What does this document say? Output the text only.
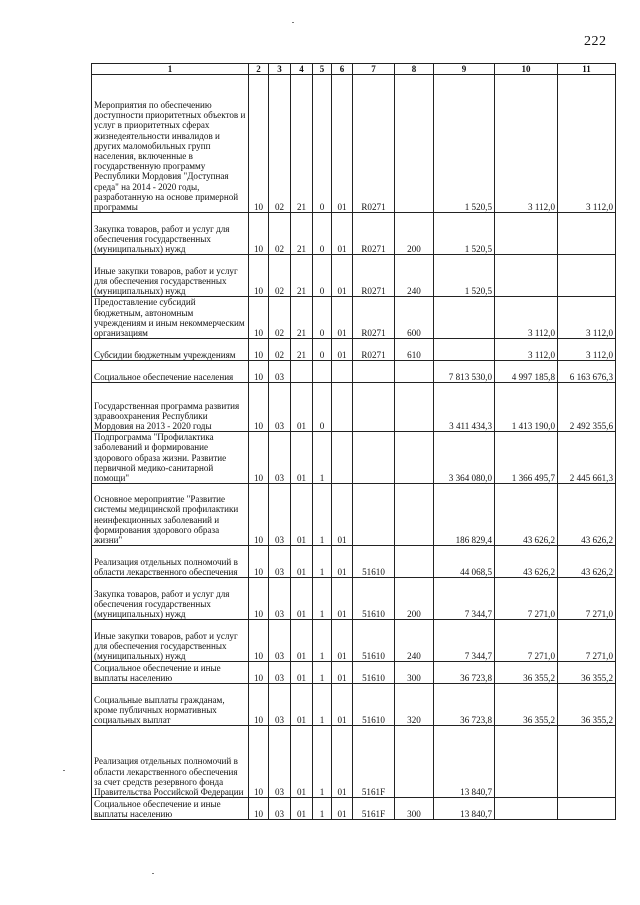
222
1	2	3	4	5	6	7	8	9	10	11
Мероприятия по обеспечению доступности приоритетных объектов и услуг в приоритетных сферах жизнедеятельности инвалидов и других маломобильных групп населения, включенные в государственную программу Республики Мордовия "Доступная среда" на 2014 - 2020 годы, разработанную на основе примерной программы	10	02	21	0	01	R0271		1 520,5	3 112,0	3 112,0
Закупка товаров, работ и услуг для обеспечения государственных (муниципальных) нужд	10	02	21	0	01	R0271	200	1 520,5		
Иные закупки товаров, работ и услуг для обеспечения государственных (муниципальных) нужд	10	02	21	0	01	R0271	240	1 520,5		
Предоставление субсидий бюджетным, автономным учреждениям и иным некоммерческим организациям	10	02	21	0	01	R0271	600		3 112,0	3 112,0
Субсидии бюджетным учреждениям	10	02	21	0	01	R0271	610		3 112,0	3 112,0
Социальное обеспечение населения	10	03						7 813 530,0	4 997 185,8	6 163 676,3
Государственная программа развития здравоохранения Республики Мордовия на 2013 - 2020 годы	10	03	01	0				3 411 434,3	1 413 190,0	2 492 355,6
Подпрограмма "Профилактика заболеваний и формирование здорового образа жизни. Развитие первичной медико-санитарной помощи"	10	03	01	1				3 364 080,0	1 366 495,7	2 445 661,3
Основное мероприятие "Развитие системы медицинской профилактики неинфекционных заболеваний и формирования здорового образа жизни"	10	03	01	1	01			186 829,4	43 626,2	43 626,2
Реализация отдельных полномочий в области лекарственного обеспечения	10	03	01	1	01	51610		44 068,5	43 626,2	43 626,2
Закупка товаров, работ и услуг для обеспечения государственных (муниципальных) нужд	10	03	01	1	01	51610	200	7 344,7	7 271,0	7 271,0
Иные закупки товаров, работ и услуг для обеспечения государственных (муниципальных) нужд	10	03	01	1	01	51610	240	7 344,7	7 271,0	7 271,0
Социальное обеспечение и иные выплаты населению	10	03	01	1	01	51610	300	36 723,8	36 355,2	36 355,2
Социальные выплаты гражданам, кроме публичных нормативных социальных выплат	10	03	01	1	01	51610	320	36 723,8	36 355,2	36 355,2
Реализация отдельных полномочий в области лекарственного обеспечения за счет средств резервного фонда Правительства Российской Федерации	10	03	01	1	01	5161F		13 840,7		
Социальное обеспечение и иные выплаты населению	10	03	01	1	01	5161F	300	13 840,7		
